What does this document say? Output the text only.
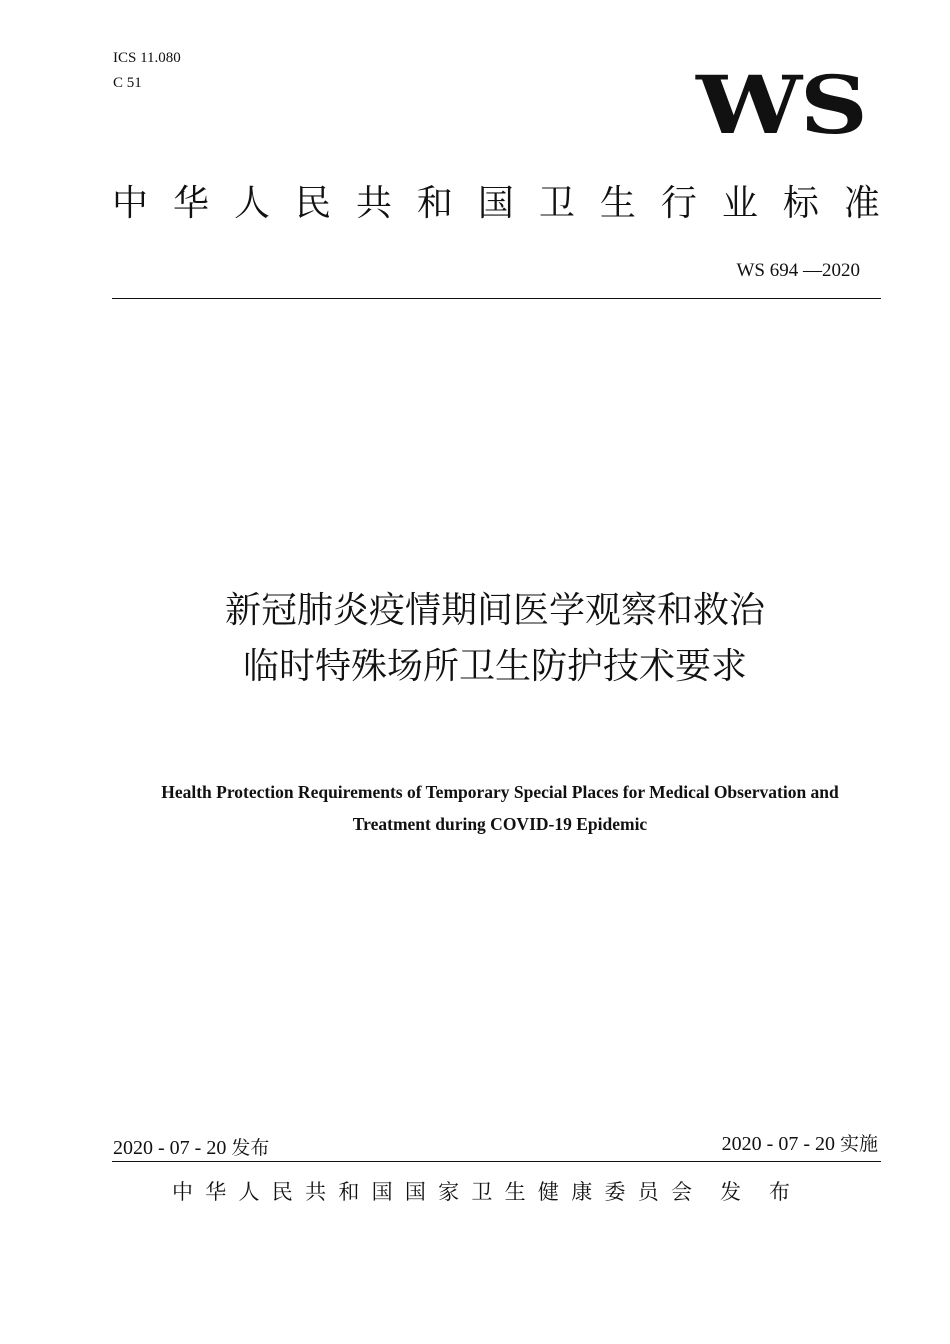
ICS 11.080
C 51	WS
中 华 人 民 共 和 国 卫 生 行 业 标 准
WS 694 —2020
新冠肺炎疫情期间医学观察和救治
临时特殊场所卫生防护技术要求
Health Protection Requirements of Temporary Special Places for Medical Observation and
Treatment during COVID-19 Epidemic
2020 - 07 - 20 发布	2020 - 07 - 20 实施
中 华 人 民 共 和 国 国 家 卫 生 健 康 委 员 会 发 布
